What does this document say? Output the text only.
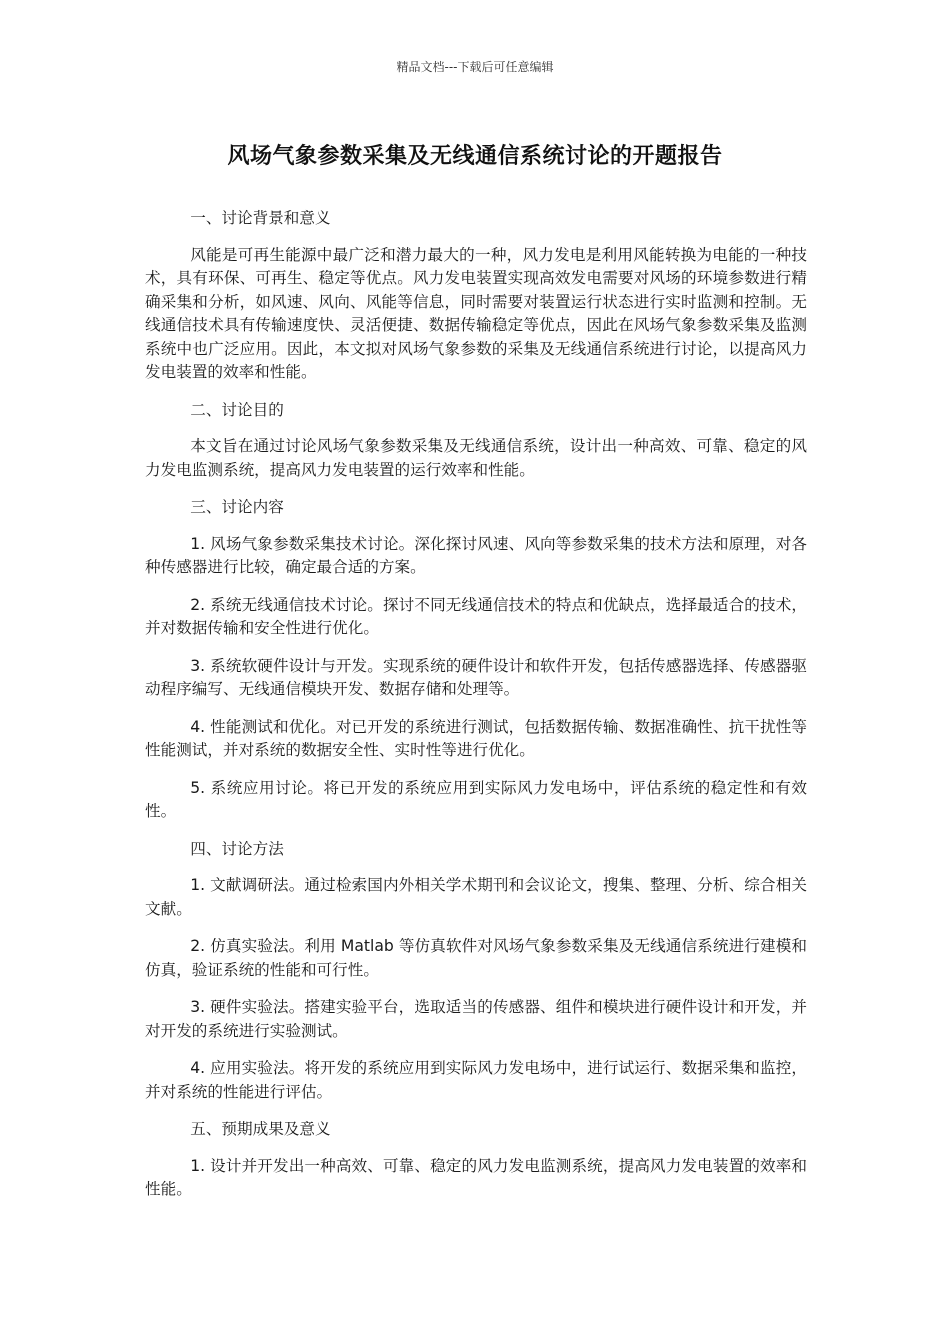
精品文档---下载后可任意编辑
风场气象参数采集及无线通信系统讨论的开题报告

一、讨论背景和意义

风能是可再生能源中最广泛和潜力最大的一种，风力发电是利用风能转换为电能的一种技术，具有环保、可再生、稳定等优点。风力发电装置实现高效发电需要对风场的环境参数进行精确采集和分析，如风速、风向、风能等信息，同时需要对装置运行状态进行实时监测和控制。无线通信技术具有传输速度快、灵活便捷、数据传输稳定等优点，因此在风场气象参数采集及监测系统中也广泛应用。因此，本文拟对风场气象参数的采集及无线通信系统进行讨论，以提高风力发电装置的效率和性能。

二、讨论目的

本文旨在通过讨论风场气象参数采集及无线通信系统，设计出一种高效、可靠、稳定的风力发电监测系统，提高风力发电装置的运行效率和性能。

三、讨论内容

1. 风场气象参数采集技术讨论。深化探讨风速、风向等参数采集的技术方法和原理，对各种传感器进行比较，确定最合适的方案。

2. 系统无线通信技术讨论。探讨不同无线通信技术的特点和优缺点，选择最适合的技术，并对数据传输和安全性进行优化。

3. 系统软硬件设计与开发。实现系统的硬件设计和软件开发，包括传感器选择、传感器驱动程序编写、无线通信模块开发、数据存储和处理等。

4. 性能测试和优化。对已开发的系统进行测试，包括数据传输、数据准确性、抗干扰性等性能测试，并对系统的数据安全性、实时性等进行优化。

5. 系统应用讨论。将已开发的系统应用到实际风力发电场中，评估系统的稳定性和有效性。

四、讨论方法

1. 文献调研法。通过检索国内外相关学术期刊和会议论文，搜集、整理、分析、综合相关文献。

2. 仿真实验法。利用 Matlab 等仿真软件对风场气象参数采集及无线通信系统进行建模和仿真，验证系统的性能和可行性。

3. 硬件实验法。搭建实验平台，选取适当的传感器、组件和模块进行硬件设计和开发，并对开发的系统进行实验测试。

4. 应用实验法。将开发的系统应用到实际风力发电场中，进行试运行、数据采集和监控，并对系统的性能进行评估。

五、预期成果及意义

1. 设计并开发出一种高效、可靠、稳定的风力发电监测系统，提高风力发电装置的效率和性能。
